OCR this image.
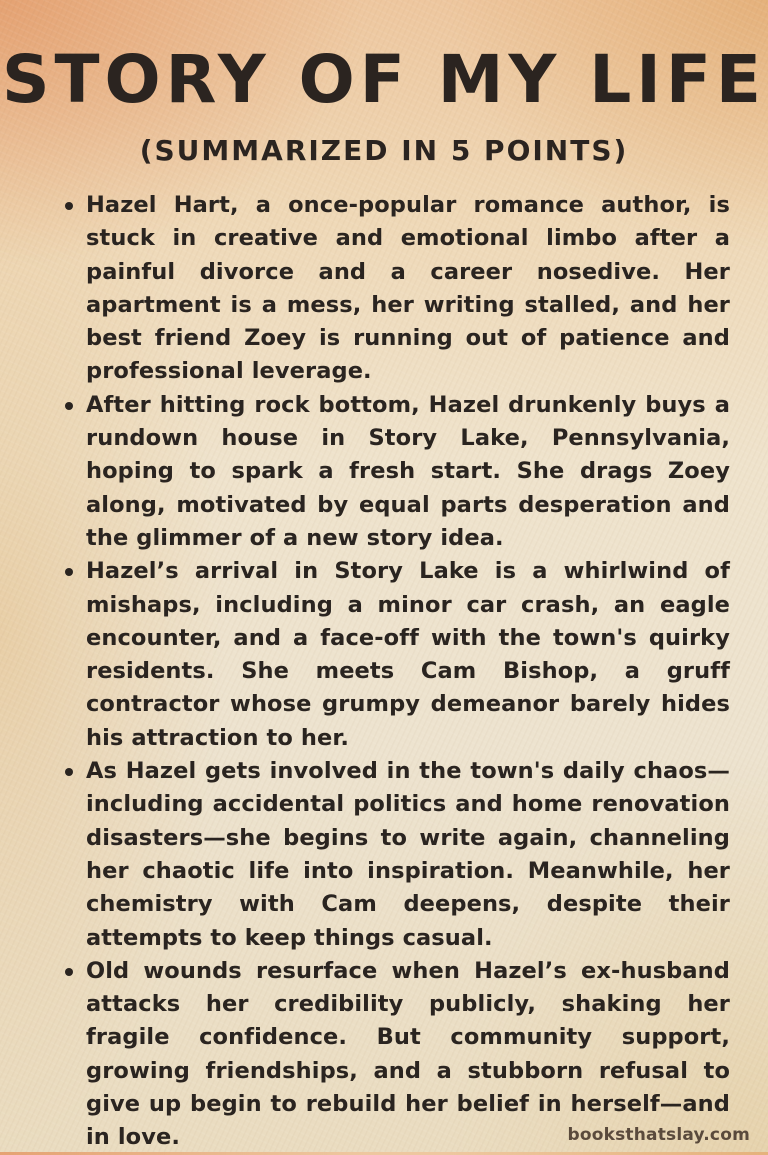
STORY OF MY LIFE
(SUMMARIZED IN 5 POINTS)
Hazel Hart, a once-popular romance author, is stuck in creative and emotional limbo after a painful divorce and a career nosedive. Her apartment is a mess, her writing stalled, and her best friend Zoey is running out of patience and professional leverage.
After hitting rock bottom, Hazel drunkenly buys a rundown house in Story Lake, Pennsylvania, hoping to spark a fresh start. She drags Zoey along, motivated by equal parts desperation and the glimmer of a new story idea.
Hazel’s arrival in Story Lake is a whirlwind of mishaps, including a minor car crash, an eagle encounter, and a face-off with the town's quirky residents. She meets Cam Bishop, a gruff contractor whose grumpy demeanor barely hides his attraction to her.
As Hazel gets involved in the town's daily chaos—including accidental politics and home renovation disasters—she begins to write again, channeling her chaotic life into inspiration. Meanwhile, her chemistry with Cam deepens, despite their attempts to keep things casual.
Old wounds resurface when Hazel’s ex-husband attacks her credibility publicly, shaking her fragile confidence. But community support, growing friendships, and a stubborn refusal to give up begin to rebuild her belief in herself—and in love.	booksthatslay.com
